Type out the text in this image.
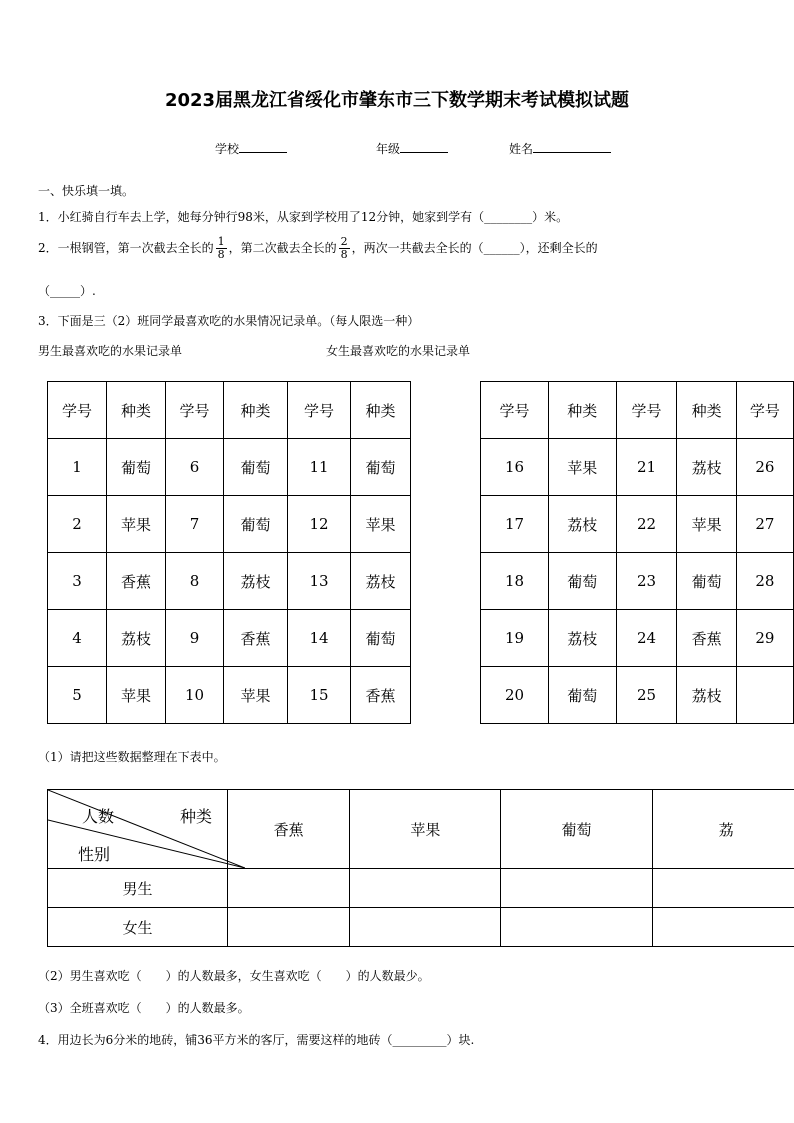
2023届黑龙江省绥化市肇东市三下数学期末考试模拟试题
学校	年级	姓名
一、快乐填一填。
1．小红骑自行车去上学，她每分钟行98米，从家到学校用了12分钟，她家到学有（________）米。
2．一根钢管，第一次截去全长的 $\frac{1}{8}$ ，第二次截去全长的 $\frac{2}{8}$ ，两次一共截去全长的（______），还剩全长的
（_____）.
3．下面是三（2）班同学最喜欢吃的水果情况记录单。（每人限选一种）
男生最喜欢吃的水果记录单	女生最喜欢吃的水果记录单
学号	种类	学号	种类	学号	种类
1	葡萄	6	葡萄	11	葡萄
2	苹果	7	葡萄	12	苹果
3	香蕉	8	荔枝	13	荔枝
4	荔枝	9	香蕉	14	葡萄
5	苹果	10	苹果	15	香蕉
学号	种类	学号	种类	学号
16	苹果	21	荔枝	26
17	荔枝	22	苹果	27
18	葡萄	23	葡萄	28
19	荔枝	24	香蕉	29
20	葡萄	25	荔枝	
（1）请把这些数据整理在下表中。
人数 种类
性别	香蕉	苹果	葡萄	荔
男生				
女生				
（2）男生喜欢吃（　　）的人数最多，女生喜欢吃（　　）的人数最少。
（3）全班喜欢吃（　　）的人数最多。
4．用边长为6分米的地砖，铺36平方米的客厅，需要这样的地砖（_________）块.
